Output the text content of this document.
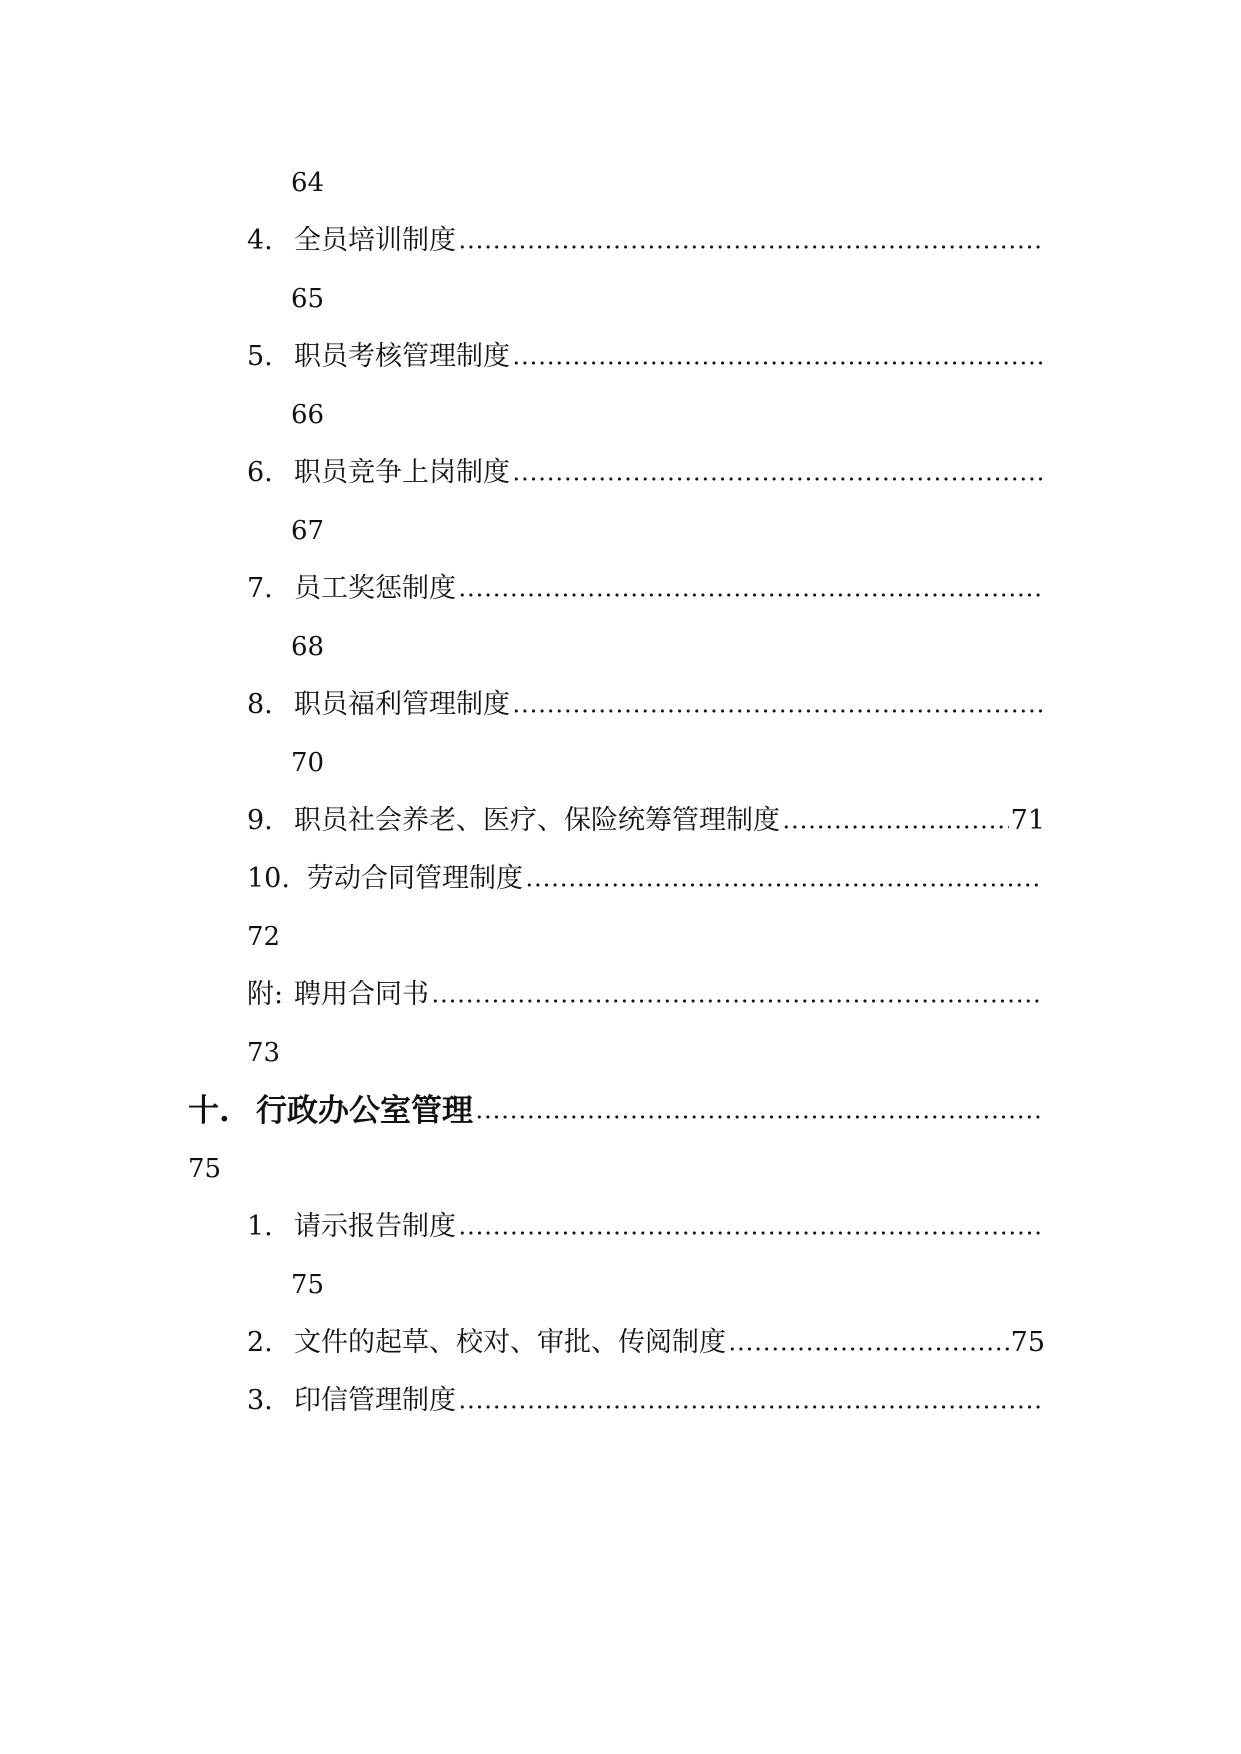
64
4. 全员培训制度
65
5. 职员考核管理制度
66
6. 职员竞争上岗制度
67
7. 员工奖惩制度
68
8. 职员福利管理制度
70
9. 职员社会养老、医疗、保险统筹管理制度	71
10. 劳动合同管理制度
72
附: 聘用合同书
73
十. 行政办公室管理
75
1. 请示报告制度
75
2. 文件的起草、校对、审批、传阅制度	75
3. 印信管理制度
